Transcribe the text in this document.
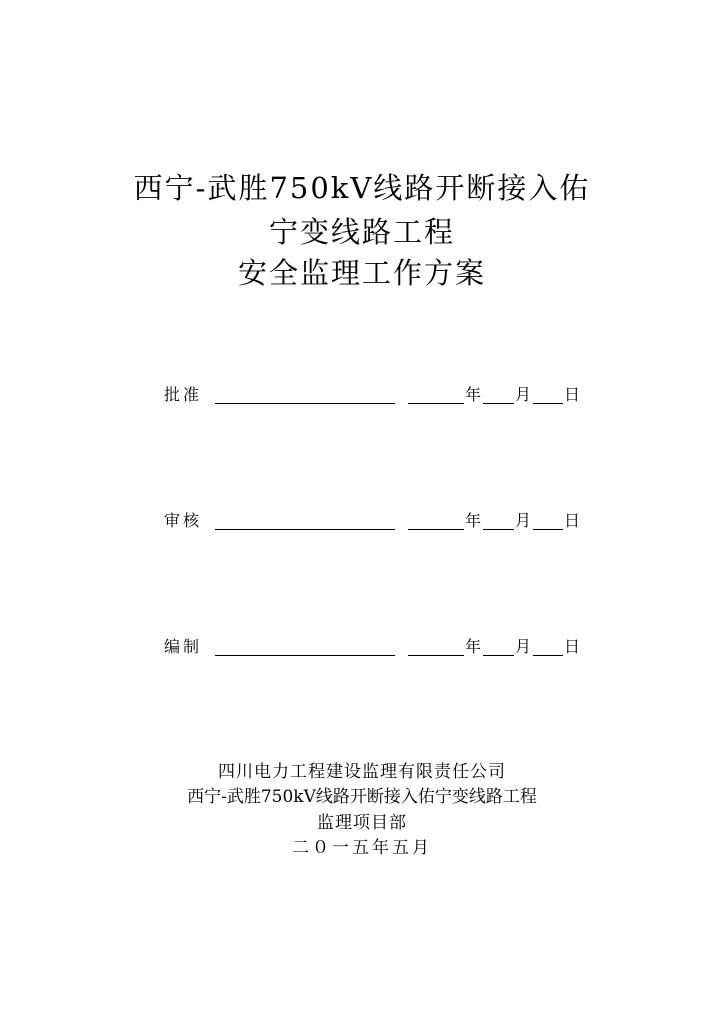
西宁-武胜750kV线路开断接入佑
宁变线路工程
安全监理工作方案
批准	年 月 日
审核	年 月 日
编制	年 月 日
四川电力工程建设监理有限责任公司
西宁-武胜750kV线路开断接入佑宁变线路工程
监理项目部
二０一五年五月
